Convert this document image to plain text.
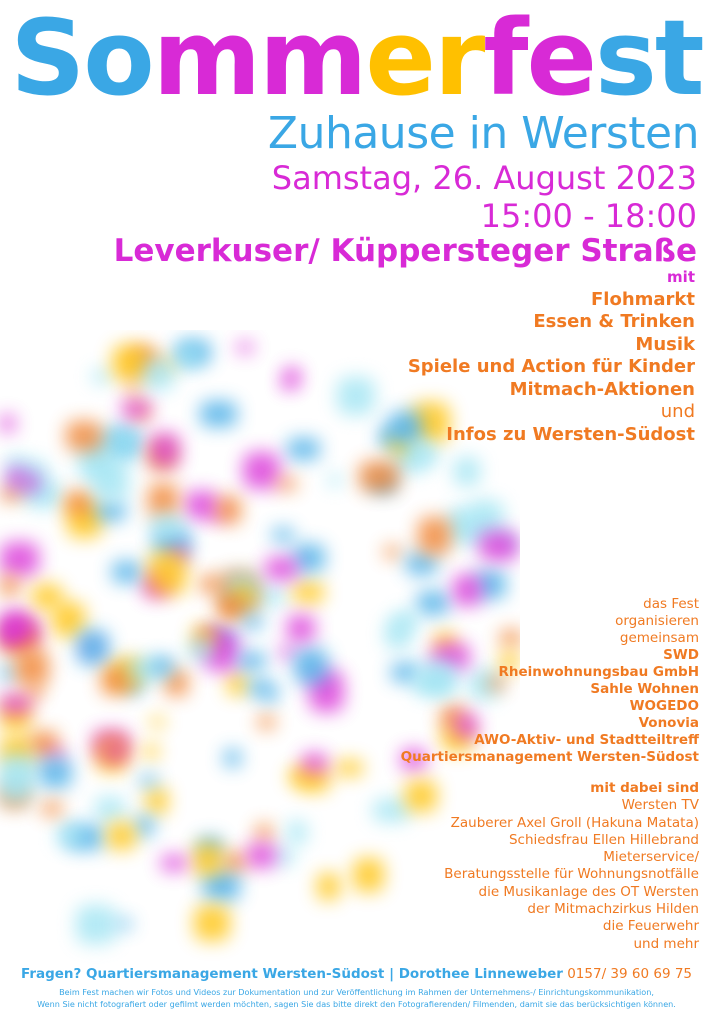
Sommerfest
Zuhause in Wersten
Samstag, 26. August 2023
15:00 - 18:00
Leverkuser/ Küppersteger Straße
mit
Flohmarkt
Essen & Trinken
Musik
Spiele und Action für Kinder
Mitmach-Aktionen
und
Infos zu Wersten-Südost
das Fest
organisieren
gemeinsam
SWD
Rheinwohnungsbau GmbH
Sahle Wohnen
WOGEDO
Vonovia
AWO-Aktiv- und Stadtteiltreff
Quartiersmanagement Wersten-Südost
mit dabei sind
Wersten TV
Zauberer Axel Groll (Hakuna Matata)
Schiedsfrau Ellen Hillebrand
Mieterservice/
Beratungsstelle für Wohnungsnotfälle
die Musikanlage des OT Wersten
der Mitmachzirkus Hilden
die Feuerwehr
und mehr
Fragen? Quartiersmanagement Wersten-Südost | Dorothee Linneweber 0157/ 39 60 69 75
Beim Fest machen wir Fotos und Videos zur Dokumentation und zur Veröffentlichung im Rahmen der Unternehmens-/ Einrichtungskommunikation,
Wenn Sie nicht fotografiert oder gefilmt werden möchten, sagen Sie das bitte direkt den Fotografierenden/ Filmenden, damit sie das berücksichtigen können.
